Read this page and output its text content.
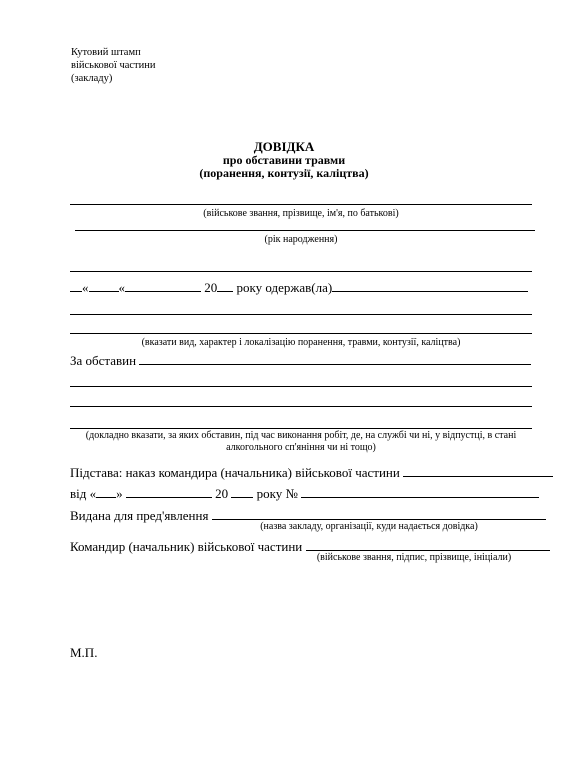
Кутовий штамп
військової частини
(закладу)
ДОВІДКА
про обставини травми
(поранення, контузії, каліцтва)
(військове звання, прізвище, ім'я, по батькові)
(рік народження)
« «	20 року одержав(ла)
(вказати вид, характер і локалізацію поранення, травми, контузії, каліцтва)
За обставин
(докладно вказати, за яких обставин, під час виконання робіт, де, на службі чи ні, у відпустці, в стані
алкогольного сп'яніння чи ні тощо)
Підстава: наказ командира (начальника) військової частини
від « »	20 року №
Видана для пред'явлення
(назва закладу, організації, куди надається довідка)
Командир (начальник) військової частини
(військове звання, підпис, прізвище, ініціали)
М.П.
